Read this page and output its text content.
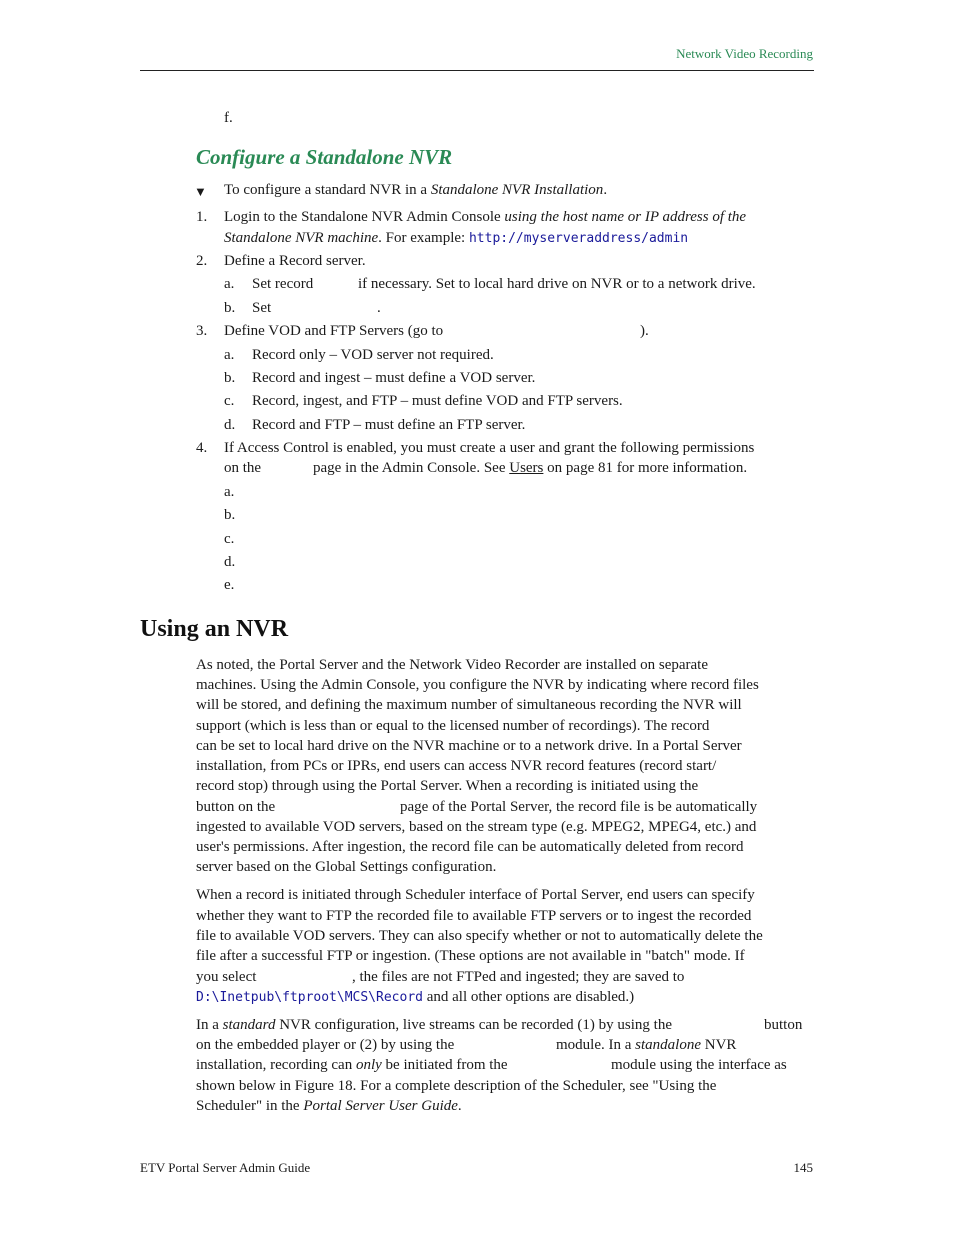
Network Video Recording
f.
Configure a Standalone NVR
▼ To configure a standard NVR in a Standalone NVR Installation.
1. Login to the Standalone NVR Admin Console using the host name or IP address of the
Standalone NVR machine. For example: http://myserveraddress/admin
2. Define a Record server.
a. Set record	if necessary. Set to local hard drive on NVR or to a network drive.
b. Set	.
3. Define VOD and FTP Servers (go to	).
a. Record only – VOD server not required.
b. Record and ingest – must define a VOD server.
c. Record, ingest, and FTP – must define VOD and FTP servers.
d. Record and FTP – must define an FTP server.
4. If Access Control is enabled, you must create a user and grant the following permissions
on the	page in the Admin Console. See Users on page 81 for more information.
a.
b.
c.
d.
e.
Using an NVR
As noted, the Portal Server and the Network Video Recorder are installed on separate
machines. Using the Admin Console, you configure the NVR by indicating where record files
will be stored, and defining the maximum number of simultaneous recording the NVR will
support (which is less than or equal to the licensed number of recordings). The record
can be set to local hard drive on the NVR machine or to a network drive. In a Portal Server
installation, from PCs or IPRs, end users can access NVR record features (record start/
record stop) through using the Portal Server. When a recording is initiated using the
button on the	page of the Portal Server, the record file is be automatically
ingested to available VOD servers, based on the stream type (e.g. MPEG2, MPEG4, etc.) and
user's permissions. After ingestion, the record file can be automatically deleted from record
server based on the Global Settings configuration.
When a record is initiated through Scheduler interface of Portal Server, end users can specify
whether they want to FTP the recorded file to available FTP servers or to ingest the recorded
file to available VOD servers. They can also specify whether or not to automatically delete the
file after a successful FTP or ingestion. (These options are not available in "batch" mode. If
you select	, the files are not FTPed and ingested; they are saved to
D:\Inetpub\ftproot\MCS\Record and all other options are disabled.)
In a standard NVR configuration, live streams can be recorded (1) by using the	button
on the embedded player or (2) by using the	module. In a standalone NVR
installation, recording can only be initiated from the	module using the interface as
shown below in Figure 18. For a complete description of the Scheduler, see "Using the
Scheduler" in the Portal Server User Guide.
ETV Portal Server Admin Guide	145
